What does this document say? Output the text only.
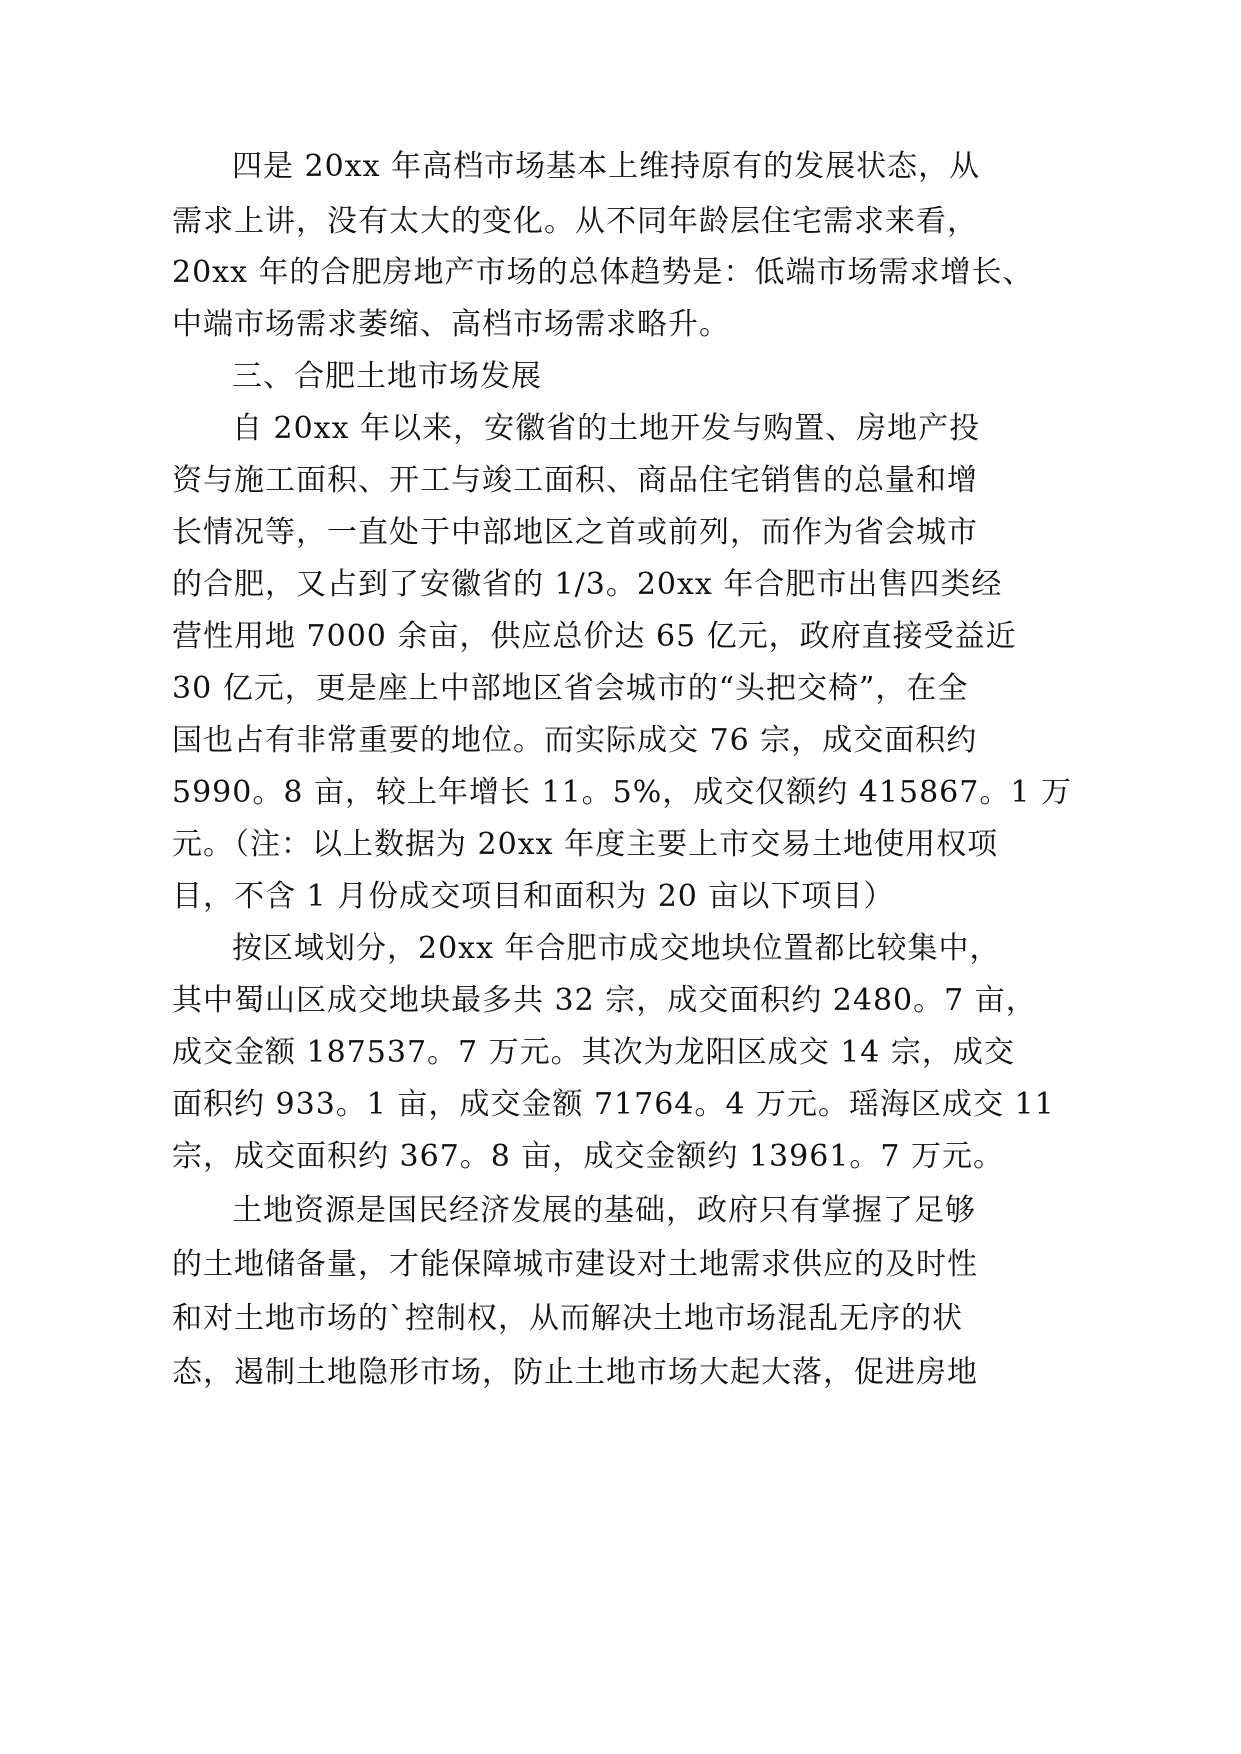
四是 20xx 年高档市场基本上维持原有的发展状态，从
需求上讲，没有太大的变化。从不同年龄层住宅需求来看，
20xx 年的合肥房地产市场的总体趋势是：低端市场需求增长、
中端市场需求萎缩、高档市场需求略升。
三、合肥土地市场发展
自 20xx 年以来，安徽省的土地开发与购置、房地产投
资与施工面积、开工与竣工面积、商品住宅销售的总量和增
长情况等，一直处于中部地区之首或前列，而作为省会城市
的合肥，又占到了安徽省的 1/3。20xx 年合肥市出售四类经
营性用地 7000 余亩，供应总价达 65 亿元，政府直接受益近
30 亿元，更是座上中部地区省会城市的“头把交椅”，在全
国也占有非常重要的地位。而实际成交 76 宗，成交面积约
5990。8 亩，较上年增长 11。5%，成交仅额约 415867。1 万
元。（注：以上数据为 20xx 年度主要上市交易土地使用权项
目，不含 1 月份成交项目和面积为 20 亩以下项目）
按区域划分，20xx 年合肥市成交地块位置都比较集中，
其中蜀山区成交地块最多共 32 宗，成交面积约 2480。7 亩，
成交金额 187537。7 万元。其次为龙阳区成交 14 宗，成交
面积约 933。1 亩，成交金额 71764。4 万元。瑶海区成交 11
宗，成交面积约 367。8 亩，成交金额约 13961。7 万元。
土地资源是国民经济发展的基础，政府只有掌握了足够
的土地储备量，才能保障城市建设对土地需求供应的及时性
和对土地市场的`控制权，从而解决土地市场混乱无序的状
态，遏制土地隐形市场，防止土地市场大起大落，促进房地
